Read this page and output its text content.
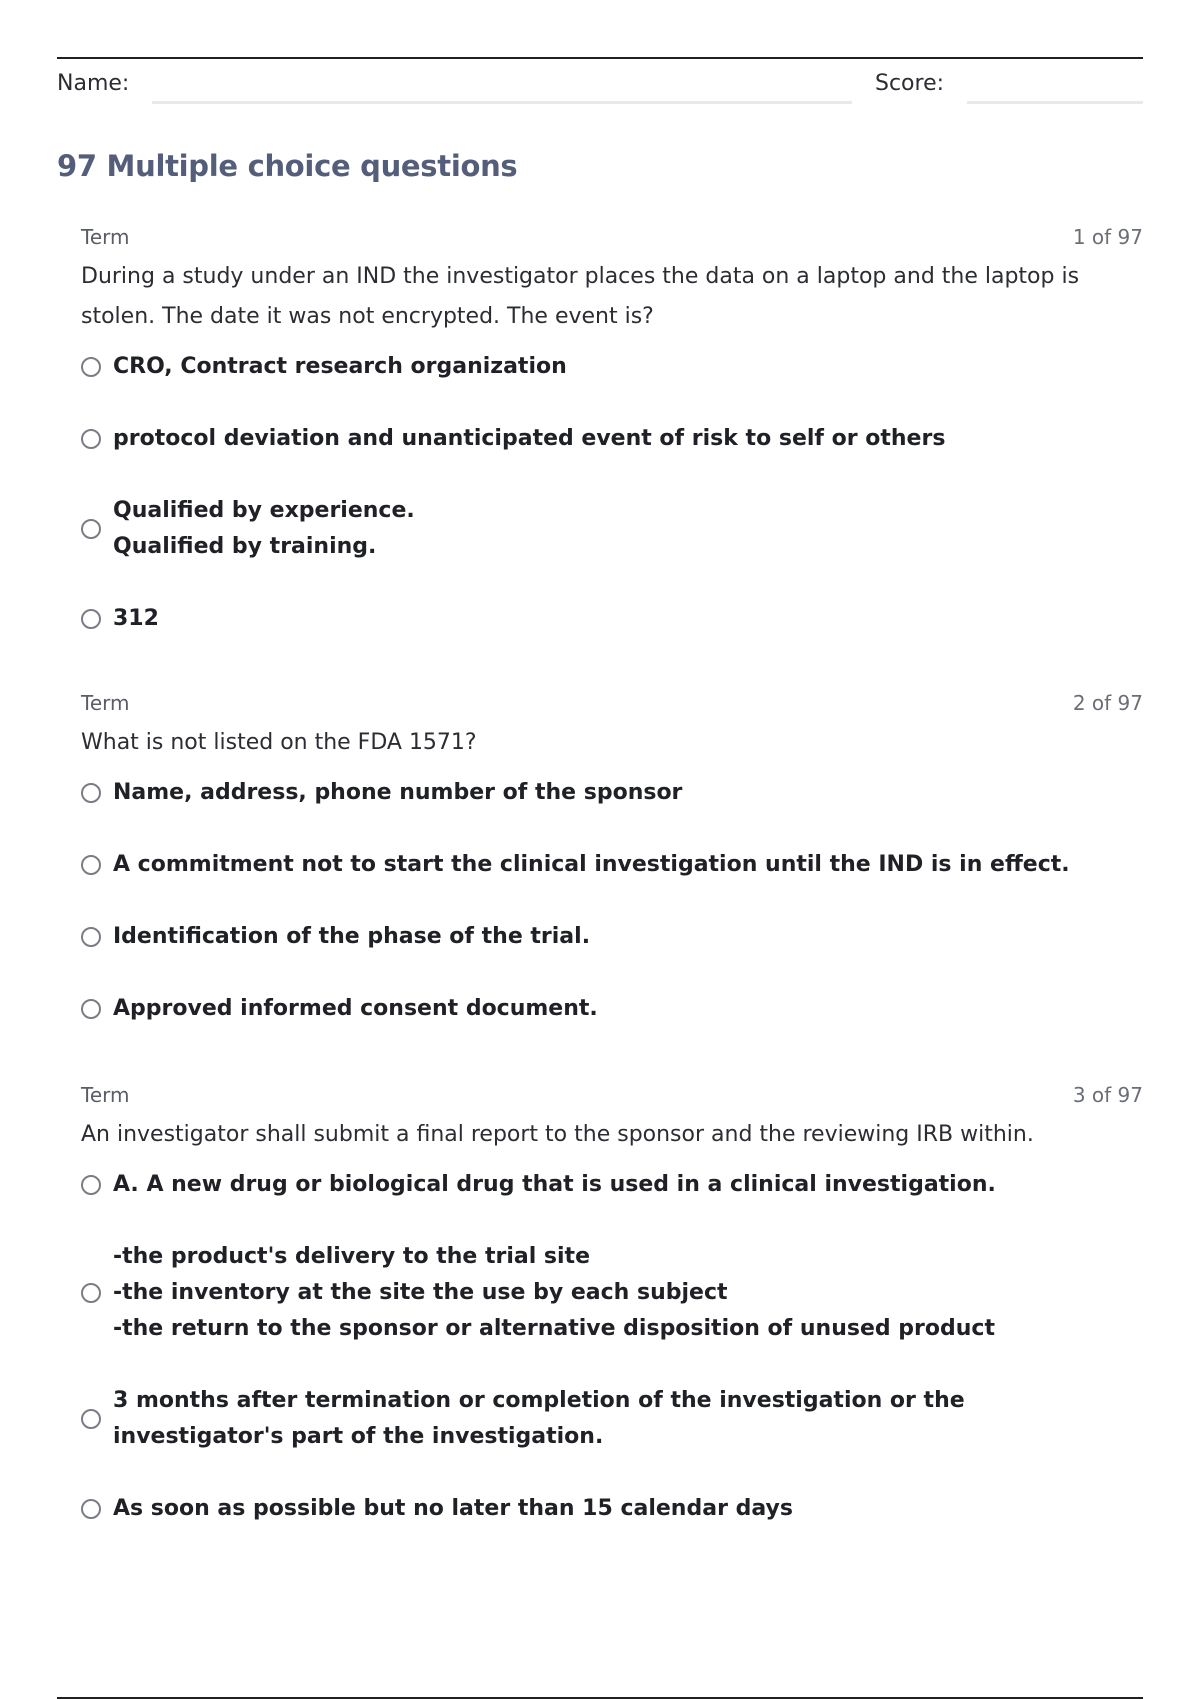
Name:	Score:
97 Multiple choice questions
Term	1 of 97
During a study under an IND the investigator places the data on a laptop and the laptop is stolen. The date it was not encrypted. The event is?
CRO, Contract research organization
protocol deviation and unanticipated event of risk to self or others
Qualified by experience.
Qualified by training.
312
Term	2 of 97
What is not listed on the FDA 1571?
Name, address, phone number of the sponsor
A commitment not to start the clinical investigation until the IND is in effect.
Identification of the phase of the trial.
Approved informed consent document.
Term	3 of 97
An investigator shall submit a final report to the sponsor and the reviewing IRB within.
A. A new drug or biological drug that is used in a clinical investigation.
-the product's delivery to the trial site
-the inventory at the site the use by each subject
-the return to the sponsor or alternative disposition of unused product
3 months after termination or completion of the investigation or the investigator's part of the investigation.
As soon as possible but no later than 15 calendar days
